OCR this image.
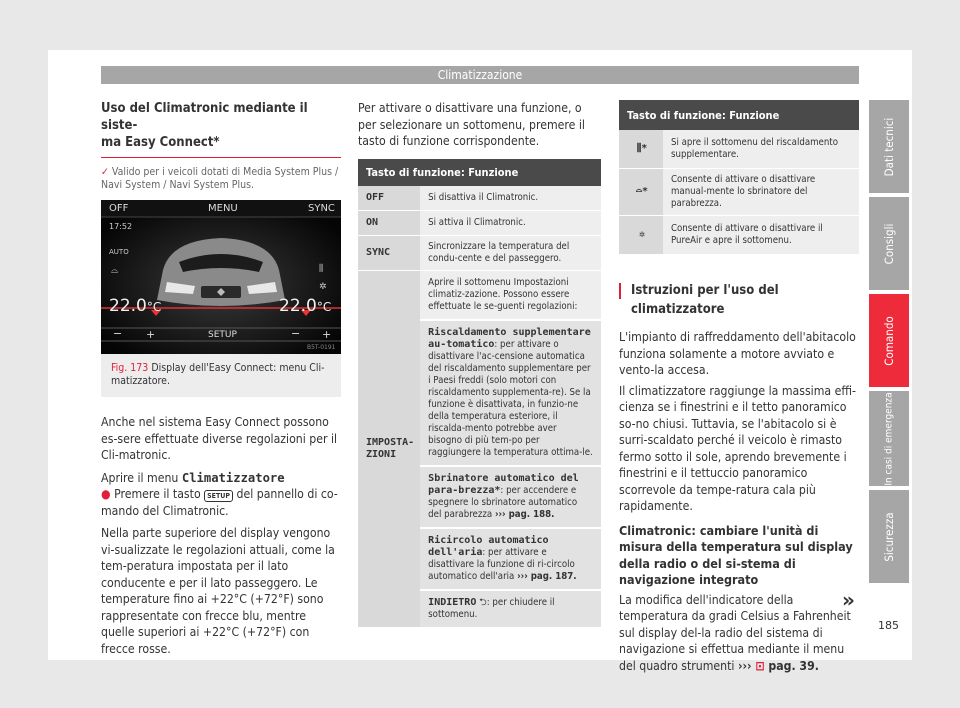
Climatizzazione
Dati tecnici
Consigli
Comando
In casi di emergenza
Sicurezza
Uso del Climatronic mediante il siste-
ma Easy Connect*
✓ Valido per i veicoli dotati di Media System Plus /
Navi System / Navi System Plus.
OFF	MENU	SYNC
17:52
AUTO
⌓	⫼
✲
22.0°C	22.0°C
− +	SETUP	− +
B5T-0191
Fig. 173 Display dell'Easy Connect: menu Cli-matizzatore.

Anche nel sistema Easy Connect possono es-sere effettuate diverse regolazioni per il Cli-matronic.

Aprire il menu Climatizzatore

● Premere il tasto SETUP del pannello di co-mando del Climatronic.

Nella parte superiore del display vengono vi-sualizzate le regolazioni attuali, come la tem-peratura impostata per il lato conducente e per il lato passeggero. Le temperature fino ai +22°C (+72°F) sono rappresentate con frecce blu, mentre quelle superiori ai +22°C (+72°F) con frecce rosse.

Per attivare o disattivare una funzione, o per selezionare un sottomenu, premere il tasto di funzione corrispondente.

Tasto di funzione: Funzione	
OFF	Si disattiva il Climatronic.
ON	Si attiva il Climatronic.
SYNC	Sincronizzare la temperatura del condu-cente e del passeggero.
IMPOSTA-ZIONI	Aprire il sottomenu Impostazioni climatiz-zazione. Possono essere effettuate le se-guenti regolazioni:
Riscaldamento supplementare au-tomatico: per attivare o disattivare l'ac-censione automatica del riscaldamento supplementare per i Paesi freddi (solo motori con riscaldamento supplementa-re). Se la funzione è disattivata, in funzio-ne della temperatura esteriore, il riscalda-mento potrebbe aver bisogno di più tem-po per raggiungere la temperatura ottima-le.
Sbrinatore automatico del para-brezza*: per accendere e spegnere lo sbrinatore automatico del parabrezza ››› pag. 188.
Ricircolo automatico dell'aria: per attivare e disattivare la funzione di ri-circolo automatico dell'aria ››› pag. 187.
INDIETRO ⮌: per chiudere il sottomenu.
Tasto di funzione: Funzione	
⫼*	Si apre il sottomenu del riscaldamento supplementare.
⌓*	Consente di attivare o disattivare manual-mente lo sbrinatore del parabrezza.
✲	Consente di attivare o disattivare il PureAir e apre il sottomenu.
Istruzioni per l'uso del climatizzatore

L'impianto di raffreddamento dell'abitacolo funziona solamente a motore avviato e vento-la accesa.

Il climatizzatore raggiunge la massima effi-cienza se i finestrini e il tetto panoramico so-no chiusi. Tuttavia, se l'abitacolo si è surri-scaldato perché il veicolo è rimasto fermo sotto il sole, aprendo brevemente i finestrini e il tettuccio panoramico scorrevole da tempe-ratura cala più rapidamente.

Climatronic: cambiare l'unità di misura della temperatura sul display della radio o del si-stema di navigazione integrato

La modifica dell'indicatore della temperatura da gradi Celsius a Fahrenheit sul display del-la radio del sistema di navigazione si effettua mediante il menu del quadro strumenti ››› ⊡ pag. 39.

»
185
